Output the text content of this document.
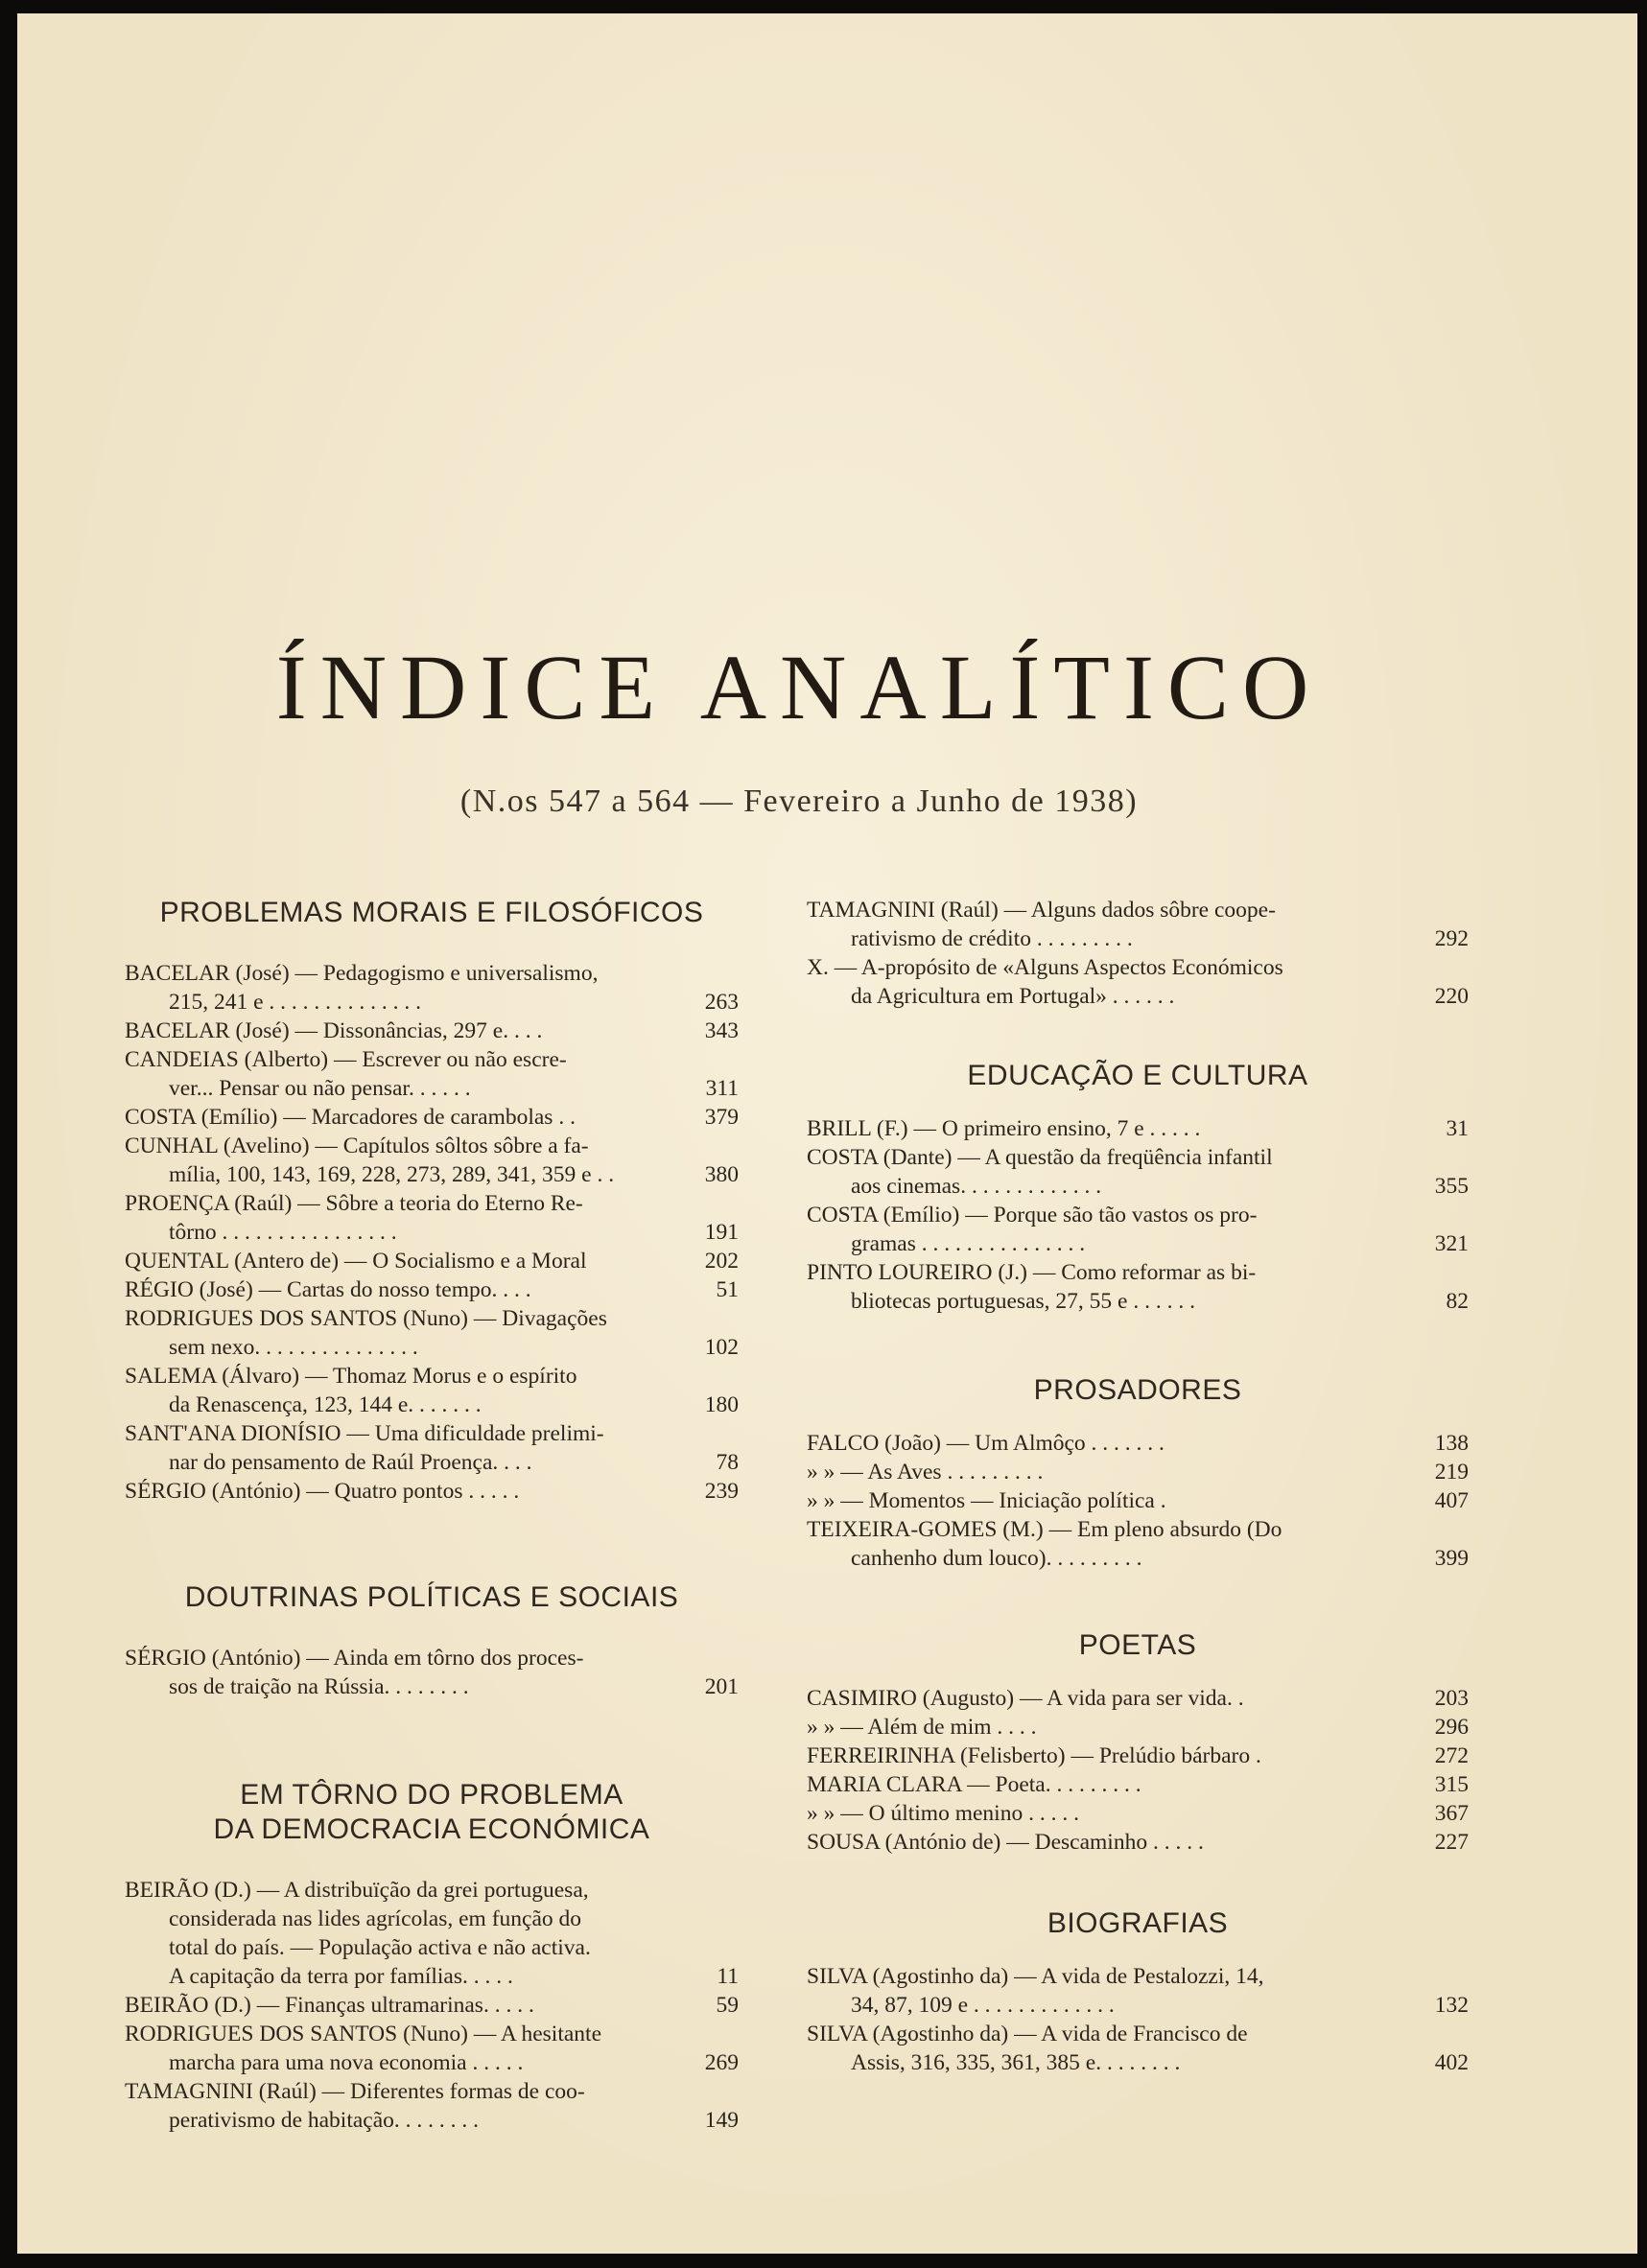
ÍNDICE ANALÍTICO
(N.os 547 a 564 — Fevereiro a Junho de 1938)
PROBLEMAS MORAIS E FILOSÓFICOS
BACELAR (José) — Pedagogismo e universalismo,
215, 241 e . . . . . . . . . . . . . .	263
BACELAR (José) — Dissonâncias, 297 e. . . .	343
CANDEIAS (Alberto) — Escrever ou não escre-
ver... Pensar ou não pensar. . . . . .	311
COSTA (Emílio) — Marcadores de carambolas . .	379
CUNHAL (Avelino) — Capítulos sôltos sôbre a fa-
mília, 100, 143, 169, 228, 273, 289, 341, 359 e . .	380
PROENÇA (Raúl) — Sôbre a teoria do Eterno Re-
tôrno . . . . . . . . . . . . . . . .	191
QUENTAL (Antero de) — O Socialismo e a Moral	202
RÉGIO (José) — Cartas do nosso tempo. . . .	51
RODRIGUES DOS SANTOS (Nuno) — Divagações
sem nexo. . . . . . . . . . . . . . .	102
SALEMA (Álvaro) — Thomaz Morus e o espírito
da Renascença, 123, 144 e. . . . . . .	180
SANT'ANA DIONÍSIO — Uma dificuldade prelimi-
nar do pensamento de Raúl Proença. . . .	78
SÉRGIO (António) — Quatro pontos . . . . .	239
DOUTRINAS POLÍTICAS E SOCIAIS
SÉRGIO (António) — Ainda em tôrno dos proces-
sos de traição na Rússia. . . . . . . .	201
EM TÔRNO DO PROBLEMA
DA DEMOCRACIA ECONÓMICA
BEIRÃO (D.) — A distribuïção da grei portuguesa,
considerada nas lides agrícolas, em função do
total do país. — População activa e não activa.
A capitação da terra por famílias. . . . .	11
BEIRÃO (D.) — Finanças ultramarinas. . . . .	59
RODRIGUES DOS SANTOS (Nuno) — A hesitante
marcha para uma nova economia . . . . .	269
TAMAGNINI (Raúl) — Diferentes formas de coo-
perativismo de habitação. . . . . . . .	149
TAMAGNINI (Raúl) — Alguns dados sôbre coope-
rativismo de crédito . . . . . . . . .	292
X. — A-propósito de «Alguns Aspectos Económicos
da Agricultura em Portugal» . . . . . .	220
EDUCAÇÃO E CULTURA
BRILL (F.) — O primeiro ensino, 7 e . . . . .	31
COSTA (Dante) — A questão da freqüência infantil
aos cinemas. . . . . . . . . . . . .	355
COSTA (Emílio) — Porque são tão vastos os pro-
gramas . . . . . . . . . . . . . . .	321
PINTO LOUREIRO (J.) — Como reformar as bi-
bliotecas portuguesas, 27, 55 e . . . . . .	82
PROSADORES
FALCO (João) — Um Almôço . . . . . . .	138
» » — As Aves . . . . . . . . .	219
» » — Momentos — Iniciação política .	407
TEIXEIRA-GOMES (M.) — Em pleno absurdo (Do
canhenho dum louco). . . . . . . . .	399
POETAS
CASIMIRO (Augusto) — A vida para ser vida. .	203
» » — Além de mim . . . .	296
FERREIRINHA (Felisberto) — Prelúdio bárbaro .	272
MARIA CLARA — Poeta. . . . . . . . .	315
» » — O último menino . . . . .	367
SOUSA (António de) — Descaminho . . . . .	227
BIOGRAFIAS
SILVA (Agostinho da) — A vida de Pestalozzi, 14,
34, 87, 109 e . . . . . . . . . . . . .	132
SILVA (Agostinho da) — A vida de Francisco de
Assis, 316, 335, 361, 385 e. . . . . . . .	402
